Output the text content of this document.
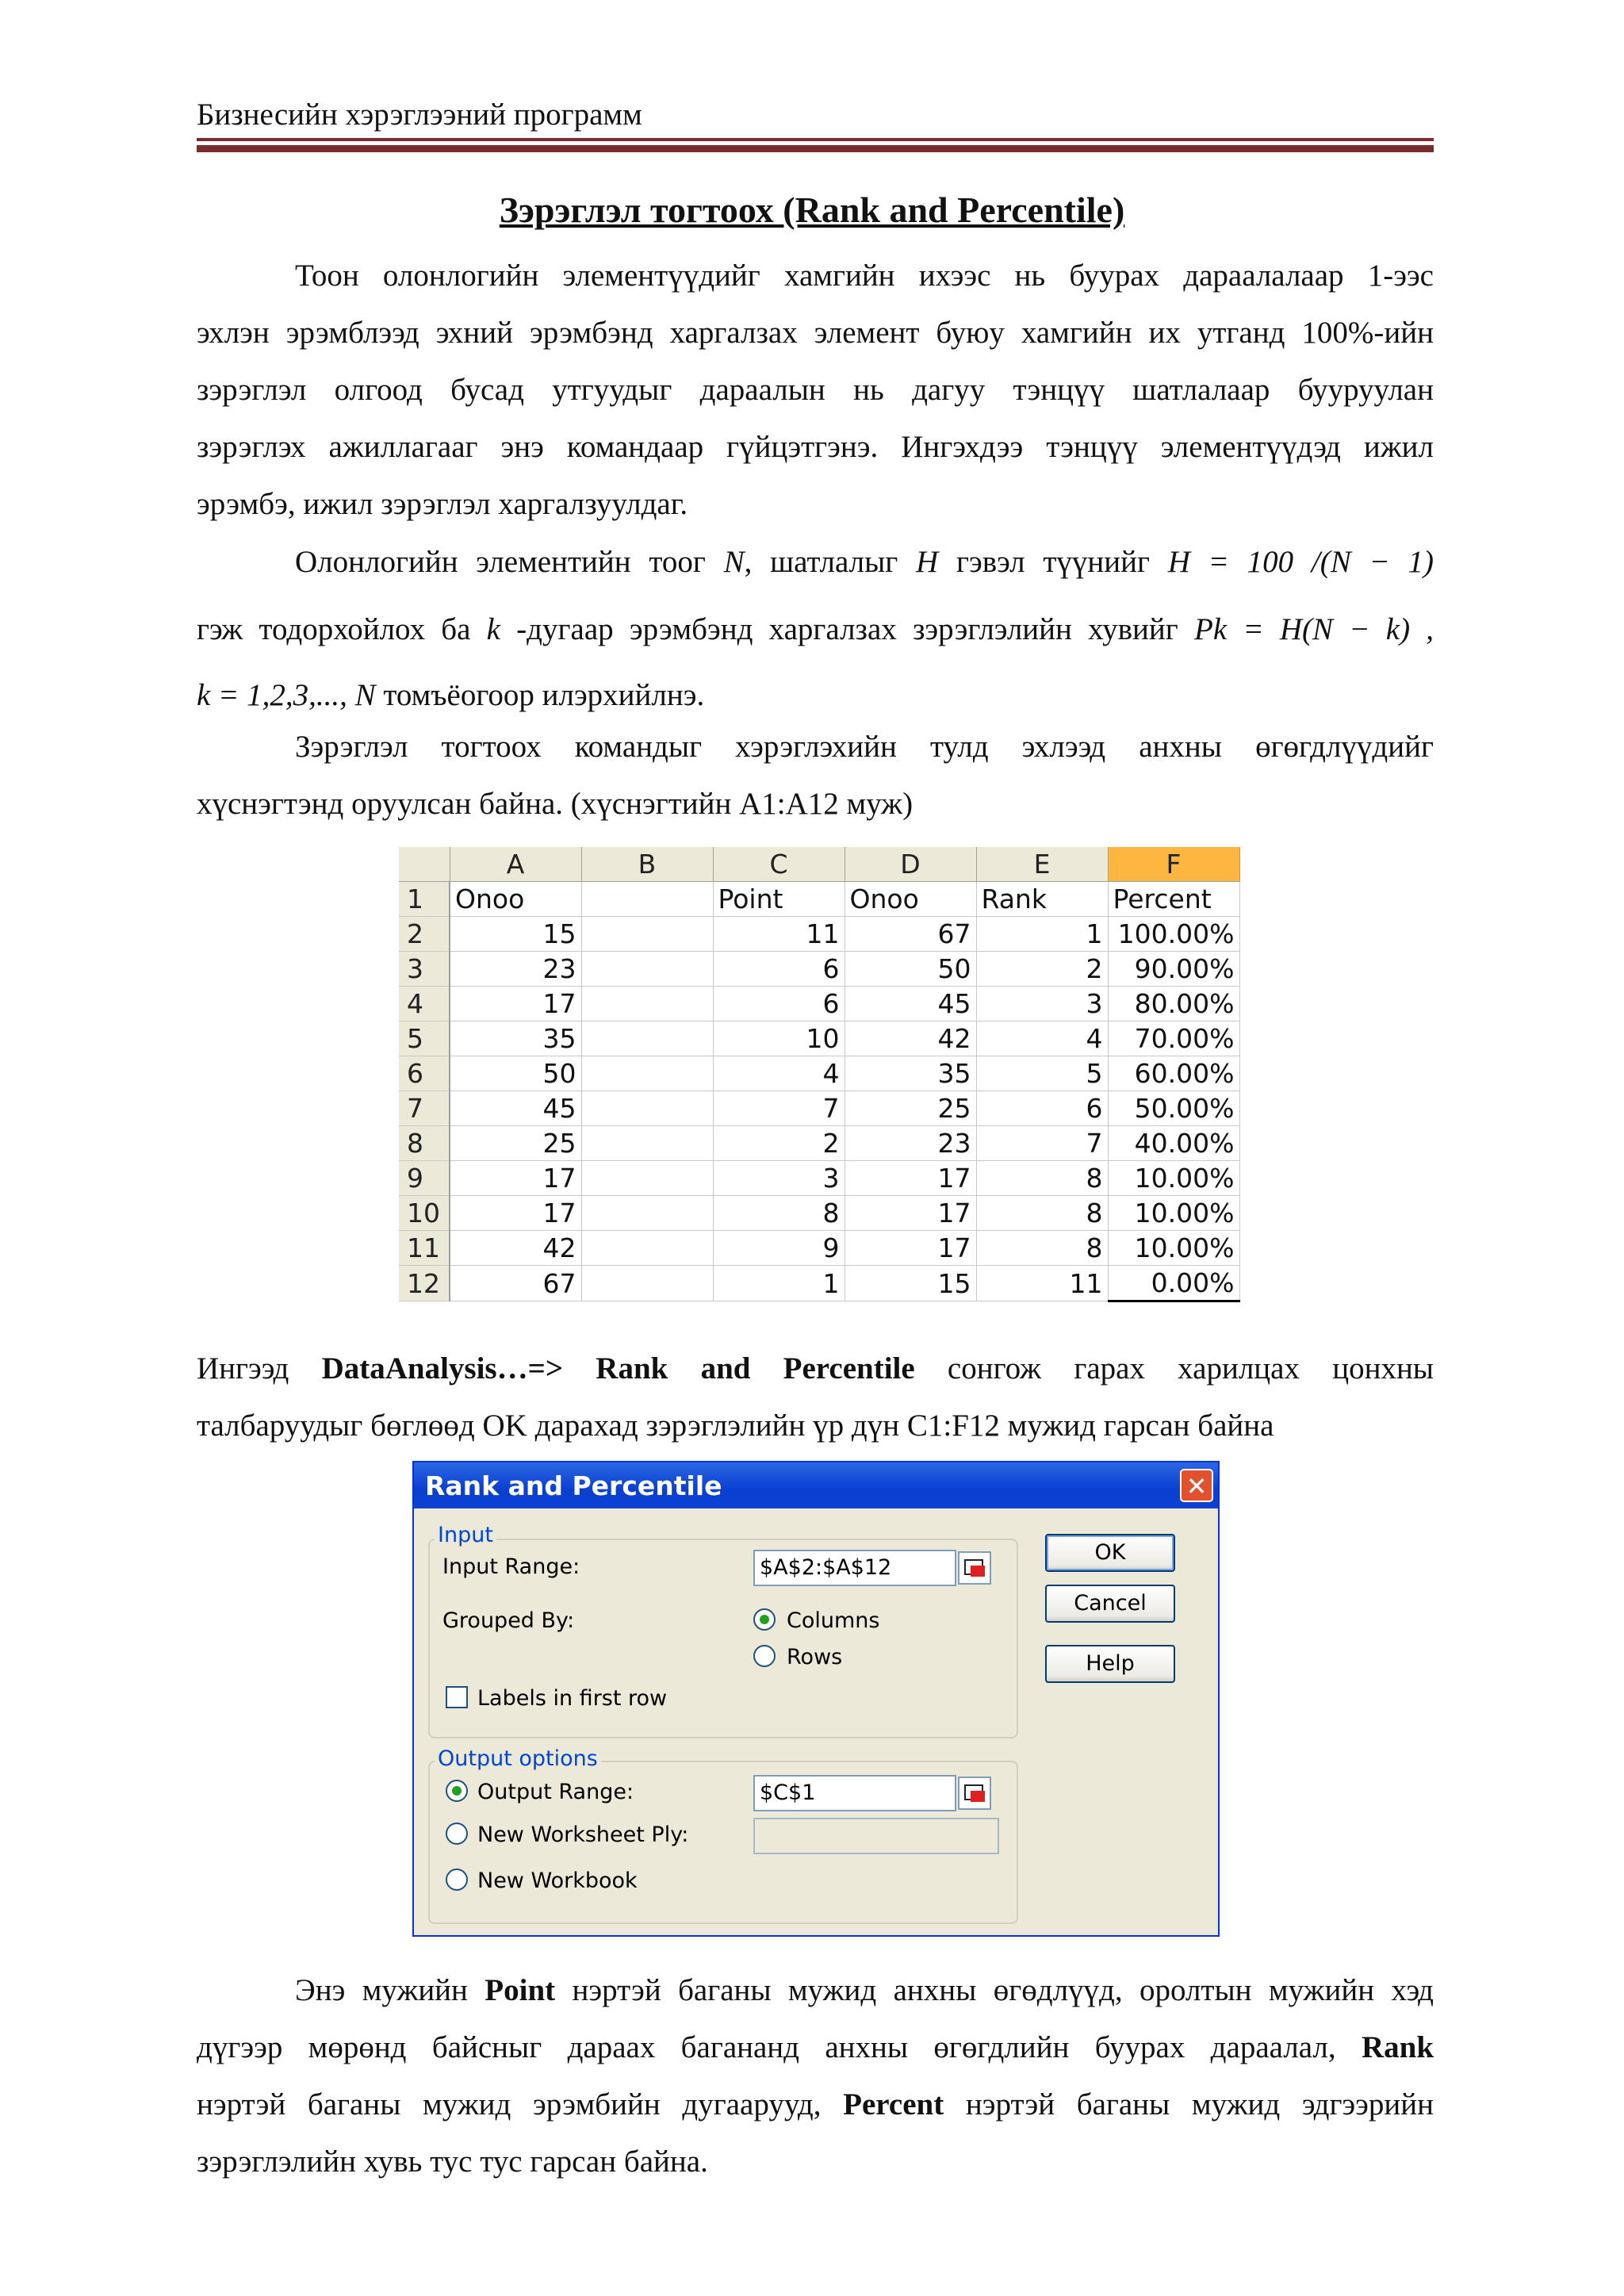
Бизнесийн хэрэглээний программ
Зэрэглэл тогтоох (Rank and Percentile)
Тоон олонлогийн элементүүдийг хамгийн ихээс нь буурах дараалалаар 1-ээс
эхлэн эрэмблээд эхний эрэмбэнд харгалзах элемент буюу хамгийн их утганд 100%-ийн
зэрэглэл олгоод бусад утгуудыг дараалын нь дагуу тэнцүү шатлалаар бууруулан
зэрэглэх ажиллагааг энэ командаар гүйцэтгэнэ. Ингэхдээ тэнцүү элементүүдэд ижил
эрэмбэ, ижил зэрэглэл харгалзуулдаг.
Олонлогийн элементийн тоог N, шатлалыг H гэвэл түүнийг H = 100 /(N − 1)
гэж тодорхойлох ба k -дугаар эрэмбэнд харгалзах зэрэглэлийн хувийг Pk = H(N − k) ,
k = 1,2,3,..., N томъёогоор илэрхийлнэ.
Зэрэглэл тогтоох командыг хэрэглэхийн тулд эхлээд анхны өгөгдлүүдийг
хүснэгтэнд оруулсан байна. (хүснэгтийн A1:A12 муж)
	A	B	C	D	E	F
1	Onoo		Point	Onoo	Rank	Percent
2	15		11	67	1	100.00%
3	23		6	50	2	90.00%
4	17		6	45	3	80.00%
5	35		10	42	4	70.00%
6	50		4	35	5	60.00%
7	45		7	25	6	50.00%
8	25		2	23	7	40.00%
9	17		3	17	8	10.00%
10	17		8	17	8	10.00%
11	42		9	17	8	10.00%
12	67		1	15	11	0.00%
Ингээд DataAnalysis…=> Rank and Percentile сонгож гарах харилцах цонхны
талбаруудыг бөглөөд OK дарахад зэрэглэлийн үр дүн C1:F12 мужид гарсан байна
Rank and Percentile	✕
Input
Input Range:	$A$2:$A$12
Grouped By:	Columns
Rows
Labels in first row
Output options
Output Range:	$C$1
New Worksheet Ply:
New Workbook
OK
Cancel
Help
Энэ мужийн Point нэртэй баганы мужид анхны өгөдлүүд, оролтын мужийн хэд
дүгээр мөрөнд байсныг дараах багананд анхны өгөгдлийн буурах дараалал, Rank
нэртэй баганы мужид эрэмбийн дугаарууд, Percent нэртэй баганы мужид эдгээрийн
зэрэглэлийн хувь тус тус гарсан байна.
